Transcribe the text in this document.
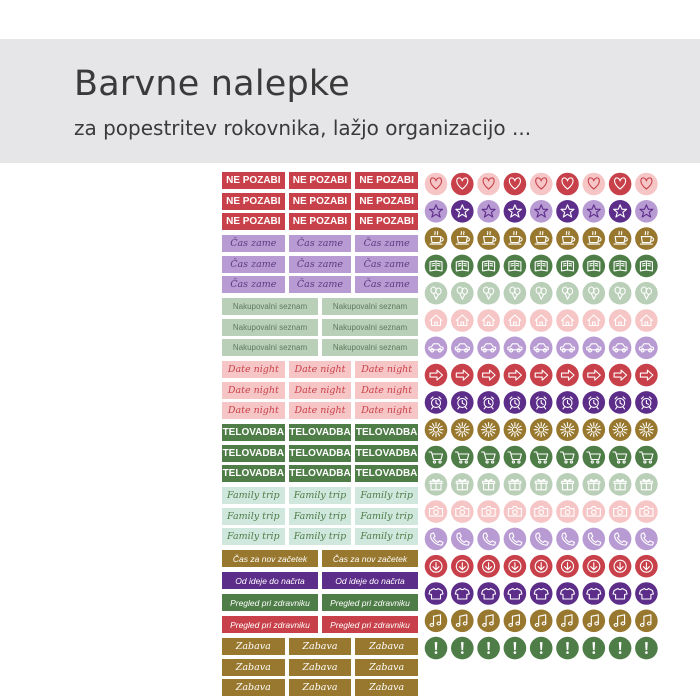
Barvne nalepke
za popestritev rokovnika, lažjo organizacijo ...
NE POZABI	NE POZABI	NE POZABI
NE POZABI	NE POZABI	NE POZABI
NE POZABI	NE POZABI	NE POZABI
Čas zame	Čas zame	Čas zame
Čas zame	Čas zame	Čas zame
Čas zame	Čas zame	Čas zame
Nakupovalni seznam	Nakupovalni seznam
Nakupovalni seznam	Nakupovalni seznam
Nakupovalni seznam	Nakupovalni seznam
Date night	Date night	Date night
Date night	Date night	Date night
Date night	Date night	Date night
TELOVADBA TELOVADBA TELOVADBA
TELOVADBA TELOVADBA TELOVADBA
TELOVADBA TELOVADBA TELOVADBA
Family trip	Family trip	Family trip
Family trip	Family trip	Family trip
Family trip	Family trip	Family trip
Čas za nov začetek	Čas za nov začetek
Od ideje do načrta	Od ideje do načrta
Pregled pri zdravniku	Pregled pri zdravniku
Pregled pri zdravniku	Pregled pri zdravniku
Zabava	Zabava	Zabava
Zabava	Zabava	Zabava
Zabava	Zabava	Zabava
